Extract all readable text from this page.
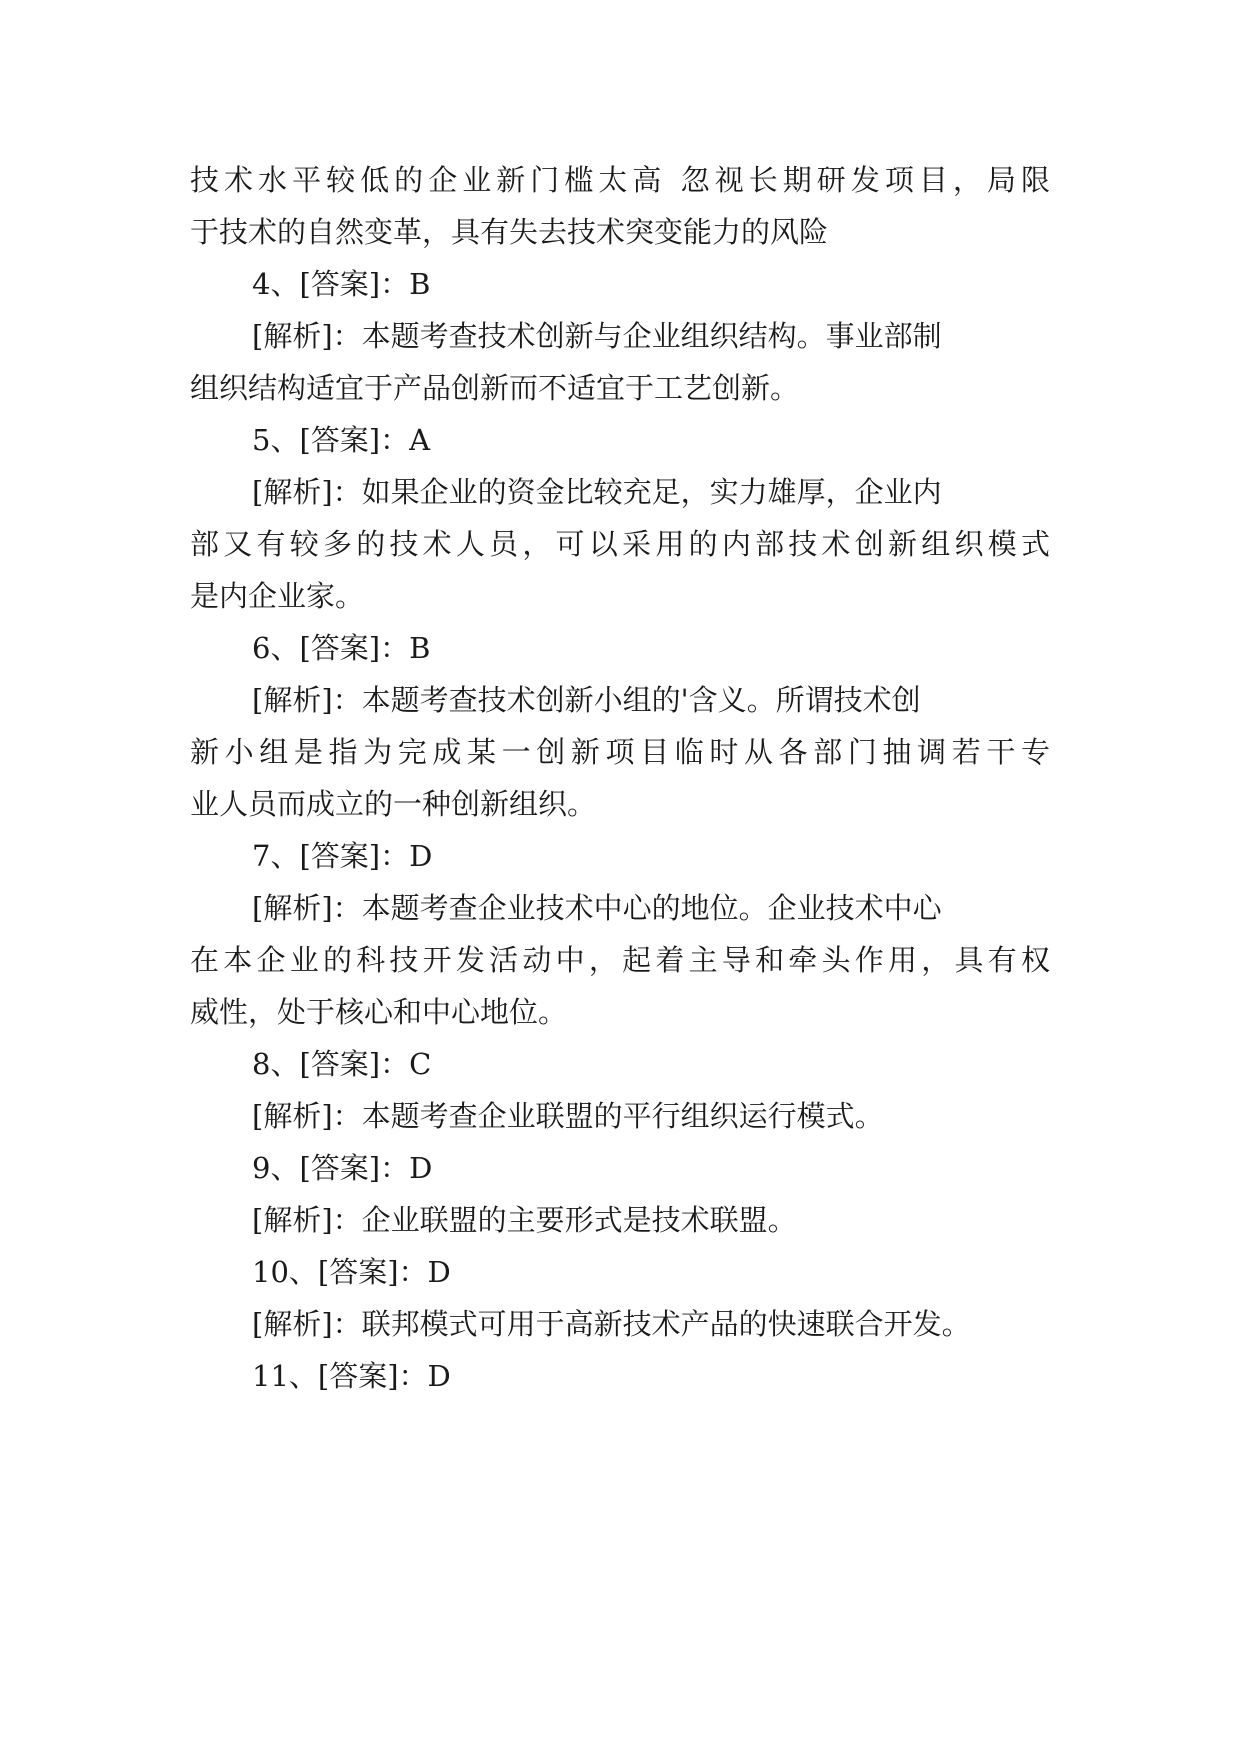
技术水平较低的企业新门槛太高 忽视长期研发项目，局限
于技术的自然变革，具有失去技术突变能力的风险
4、[答案]：B
[解析]：本题考查技术创新与企业组织结构。事业部制
组织结构适宜于产品创新而不适宜于工艺创新。
5、[答案]：A
[解析]：如果企业的资金比较充足，实力雄厚，企业内
部又有较多的技术人员，可以采用的内部技术创新组织模式
是内企业家。
6、[答案]：B
[解析]：本题考查技术创新小组的'含义。所谓技术创
新小组是指为完成某一创新项目临时从各部门抽调若干专
业人员而成立的一种创新组织。
7、[答案]：D
[解析]：本题考查企业技术中心的地位。企业技术中心
在本企业的科技开发活动中，起着主导和牵头作用，具有权
威性，处于核心和中心地位。
8、[答案]：C
[解析]：本题考查企业联盟的平行组织运行模式。
9、[答案]：D
[解析]：企业联盟的主要形式是技术联盟。
10、[答案]：D
[解析]：联邦模式可用于高新技术产品的快速联合开发。
11、[答案]：D
